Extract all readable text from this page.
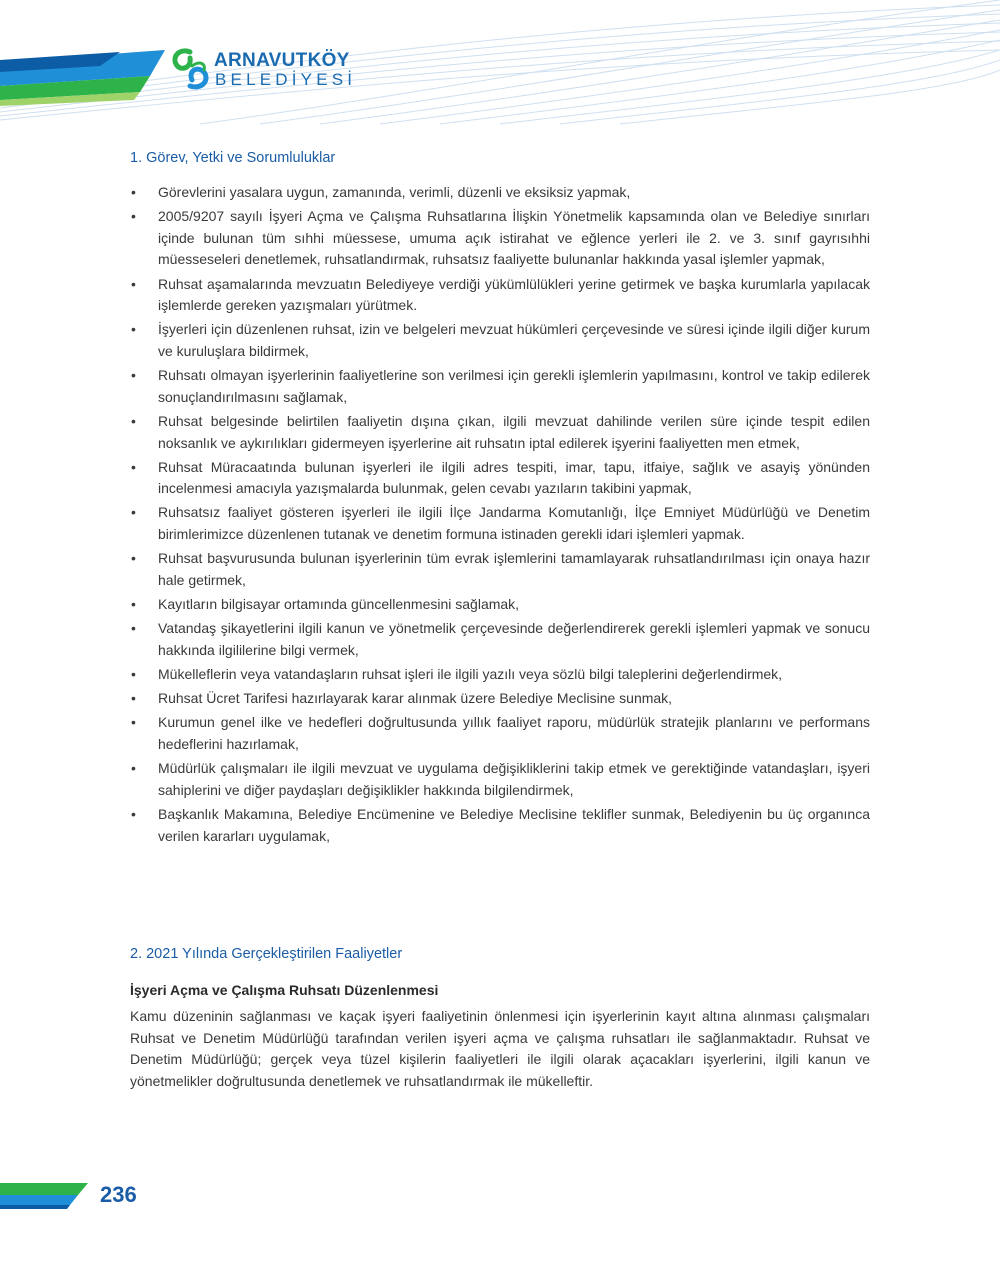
ARNAVUTKÖY
BELEDİYESİ
1. Görev, Yetki ve Sorumluluklar
• Görevlerini yasalara uygun, zamanında, verimli, düzenli ve eksiksiz yapmak,
• 2005/9207 sayılı İşyeri Açma ve Çalışma Ruhsatlarına İlişkin Yönetmelik kapsamında olan ve Belediye sınırları içinde bulunan tüm sıhhi müessese, umuma açık istirahat ve eğlence yerleri ile 2. ve 3. sınıf gayrısıhhi müesseseleri denetlemek, ruhsatlandırmak, ruhsatsız faaliyette bulunanlar hakkında yasal işlemler yapmak,
• Ruhsat aşamalarında mevzuatın Belediyeye verdiği yükümlülükleri yerine getirmek ve başka kurumlarla yapılacak işlemlerde gereken yazışmaları yürütmek.
• İşyerleri için düzenlenen ruhsat, izin ve belgeleri mevzuat hükümleri çerçevesinde ve süresi içinde ilgili diğer kurum ve kuruluşlara bildirmek,
• Ruhsatı olmayan işyerlerinin faaliyetlerine son verilmesi için gerekli işlemlerin yapılmasını, kontrol ve takip edilerek sonuçlandırılmasını sağlamak,
• Ruhsat belgesinde belirtilen faaliyetin dışına çıkan, ilgili mevzuat dahilinde verilen süre içinde tespit edilen noksanlık ve aykırılıkları gidermeyen işyerlerine ait ruhsatın iptal edilerek işyerini faaliyetten men etmek,
• Ruhsat Müracaatında bulunan işyerleri ile ilgili adres tespiti, imar, tapu, itfaiye, sağlık ve asayiş yönünden incelenmesi amacıyla yazışmalarda bulunmak, gelen cevabı yazıların takibini yapmak,
• Ruhsatsız faaliyet gösteren işyerleri ile ilgili İlçe Jandarma Komutanlığı, İlçe Emniyet Müdürlüğü ve Denetim birimlerimizce düzenlenen tutanak ve denetim formuna istinaden gerekli idari işlemleri yapmak.
• Ruhsat başvurusunda bulunan işyerlerinin tüm evrak işlemlerini tamamlayarak ruhsatlandırılması için onaya hazır hale getirmek,
• Kayıtların bilgisayar ortamında güncellenmesini sağlamak,
• Vatandaş şikayetlerini ilgili kanun ve yönetmelik çerçevesinde değerlendirerek gerekli işlemleri yapmak ve sonucu hakkında ilgililerine bilgi vermek,
• Mükelleflerin veya vatandaşların ruhsat işleri ile ilgili yazılı veya sözlü bilgi taleplerini değerlendirmek,
• Ruhsat Ücret Tarifesi hazırlayarak karar alınmak üzere Belediye Meclisine sunmak,
• Kurumun genel ilke ve hedefleri doğrultusunda yıllık faaliyet raporu, müdürlük stratejik planlarını ve performans hedeflerini hazırlamak,
• Müdürlük çalışmaları ile ilgili mevzuat ve uygulama değişikliklerini takip etmek ve gerektiğinde vatandaşları, işyeri sahiplerini ve diğer paydaşları değişiklikler hakkında bilgilendirmek,
• Başkanlık Makamına, Belediye Encümenine ve Belediye Meclisine teklifler sunmak, Belediyenin bu üç organınca verilen kararları uygulamak,
2. 2021 Yılında Gerçekleştirilen Faaliyetler
İşyeri Açma ve Çalışma Ruhsatı Düzenlenmesi

Kamu düzeninin sağlanması ve kaçak işyeri faaliyetinin önlenmesi için işyerlerinin kayıt altına alınması çalışmaları Ruhsat ve Denetim Müdürlüğü tarafından verilen işyeri açma ve çalışma ruhsatları ile sağlanmaktadır. Ruhsat ve Denetim Müdürlüğü; gerçek veya tüzel kişilerin faaliyetleri ile ilgili olarak açacakları işyerlerini, ilgili kanun ve yönetmelikler doğrultusunda denetlemek ve ruhsatlandırmak ile mükelleftir.

236
